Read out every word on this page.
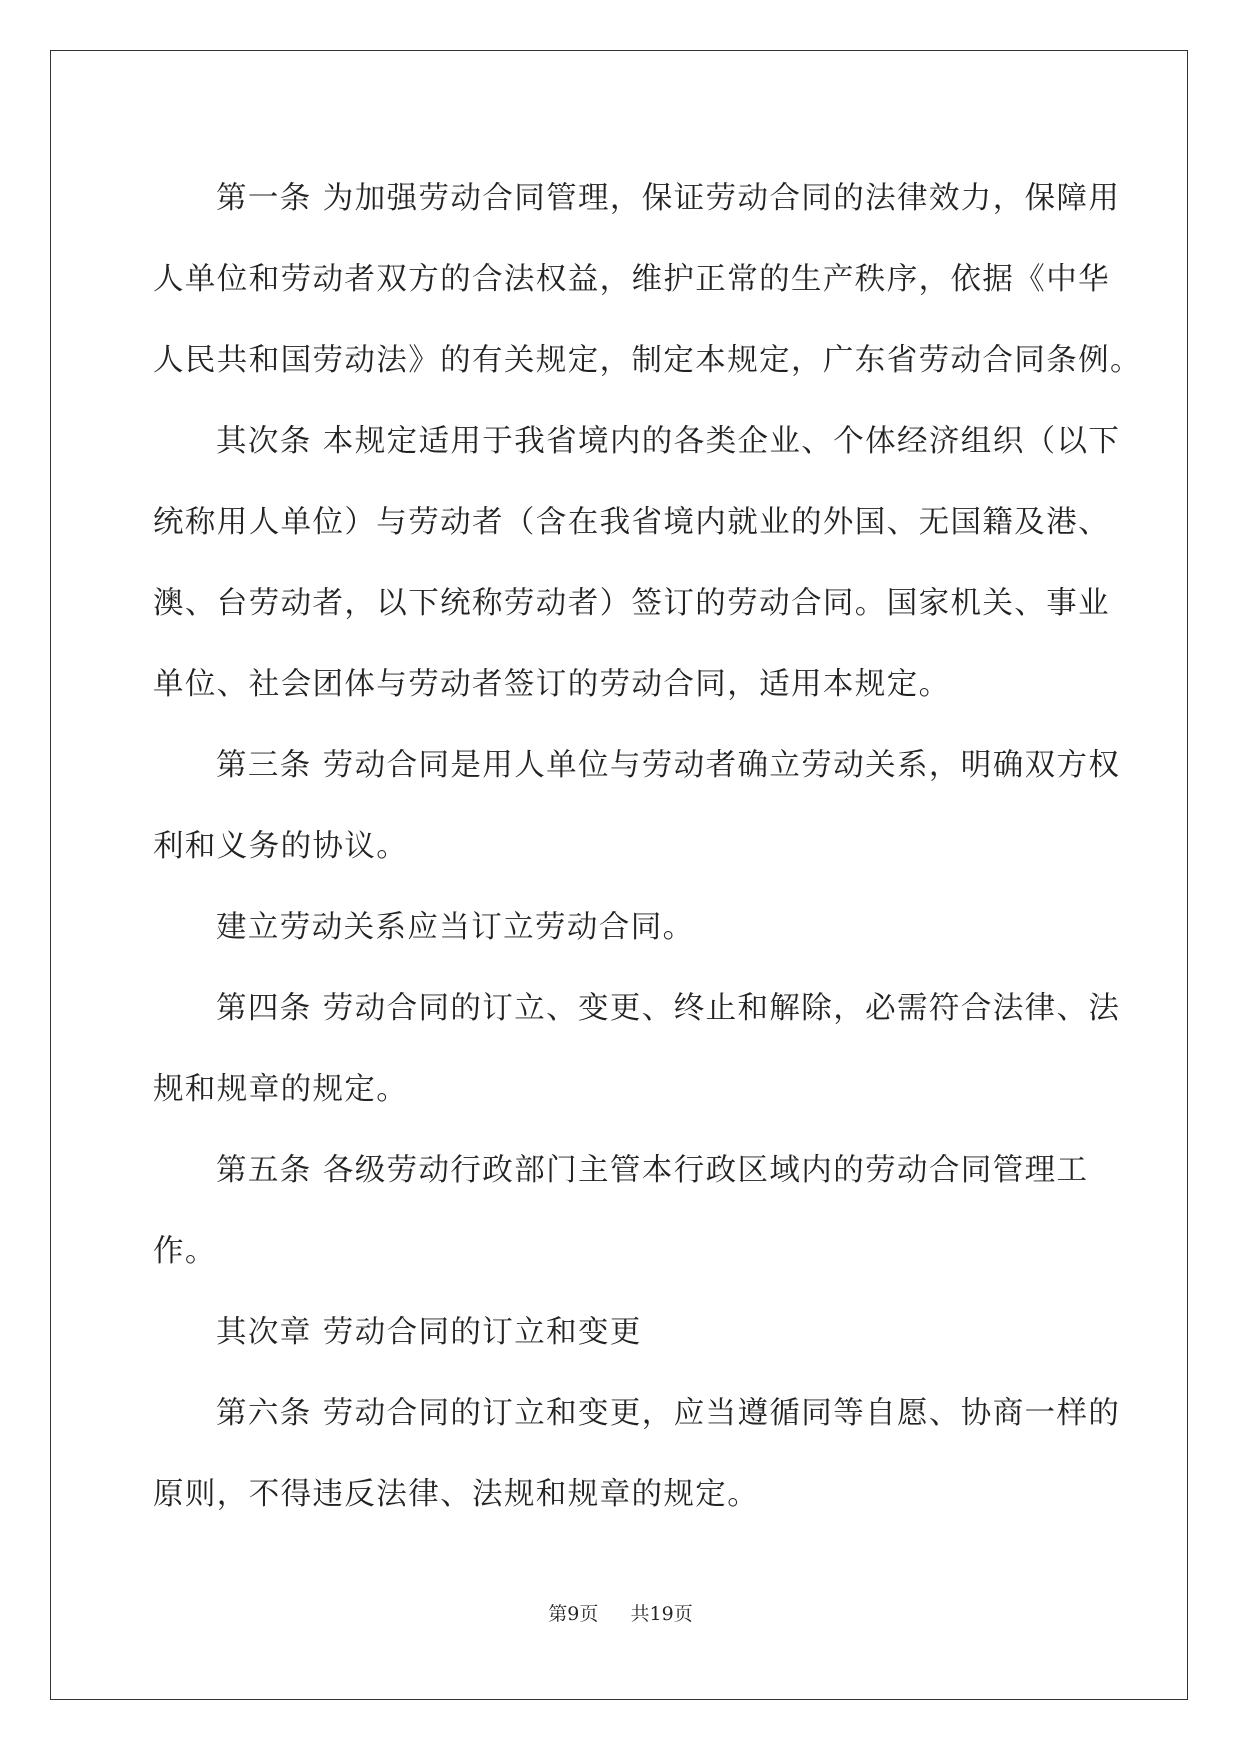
第一条 为加强劳动合同管理，保证劳动合同的法律效力，保障用
人单位和劳动者双方的合法权益，维护正常的生产秩序，依据《中华
人民共和国劳动法》的有关规定，制定本规定，广东省劳动合同条例。
其次条 本规定适用于我省境内的各类企业、个体经济组织（以下
统称用人单位）与劳动者（含在我省境内就业的外国、无国籍及港、
澳、台劳动者，以下统称劳动者）签订的劳动合同。国家机关、事业
单位、社会团体与劳动者签订的劳动合同，适用本规定。
第三条 劳动合同是用人单位与劳动者确立劳动关系，明确双方权
利和义务的协议。
建立劳动关系应当订立劳动合同。
第四条 劳动合同的订立、变更、终止和解除，必需符合法律、法
规和规章的规定。
第五条 各级劳动行政部门主管本行政区域内的劳动合同管理工
作。
其次章 劳动合同的订立和变更
第六条 劳动合同的订立和变更，应当遵循同等自愿、协商一样的
原则，不得违反法律、法规和规章的规定。
第9页 共19页
